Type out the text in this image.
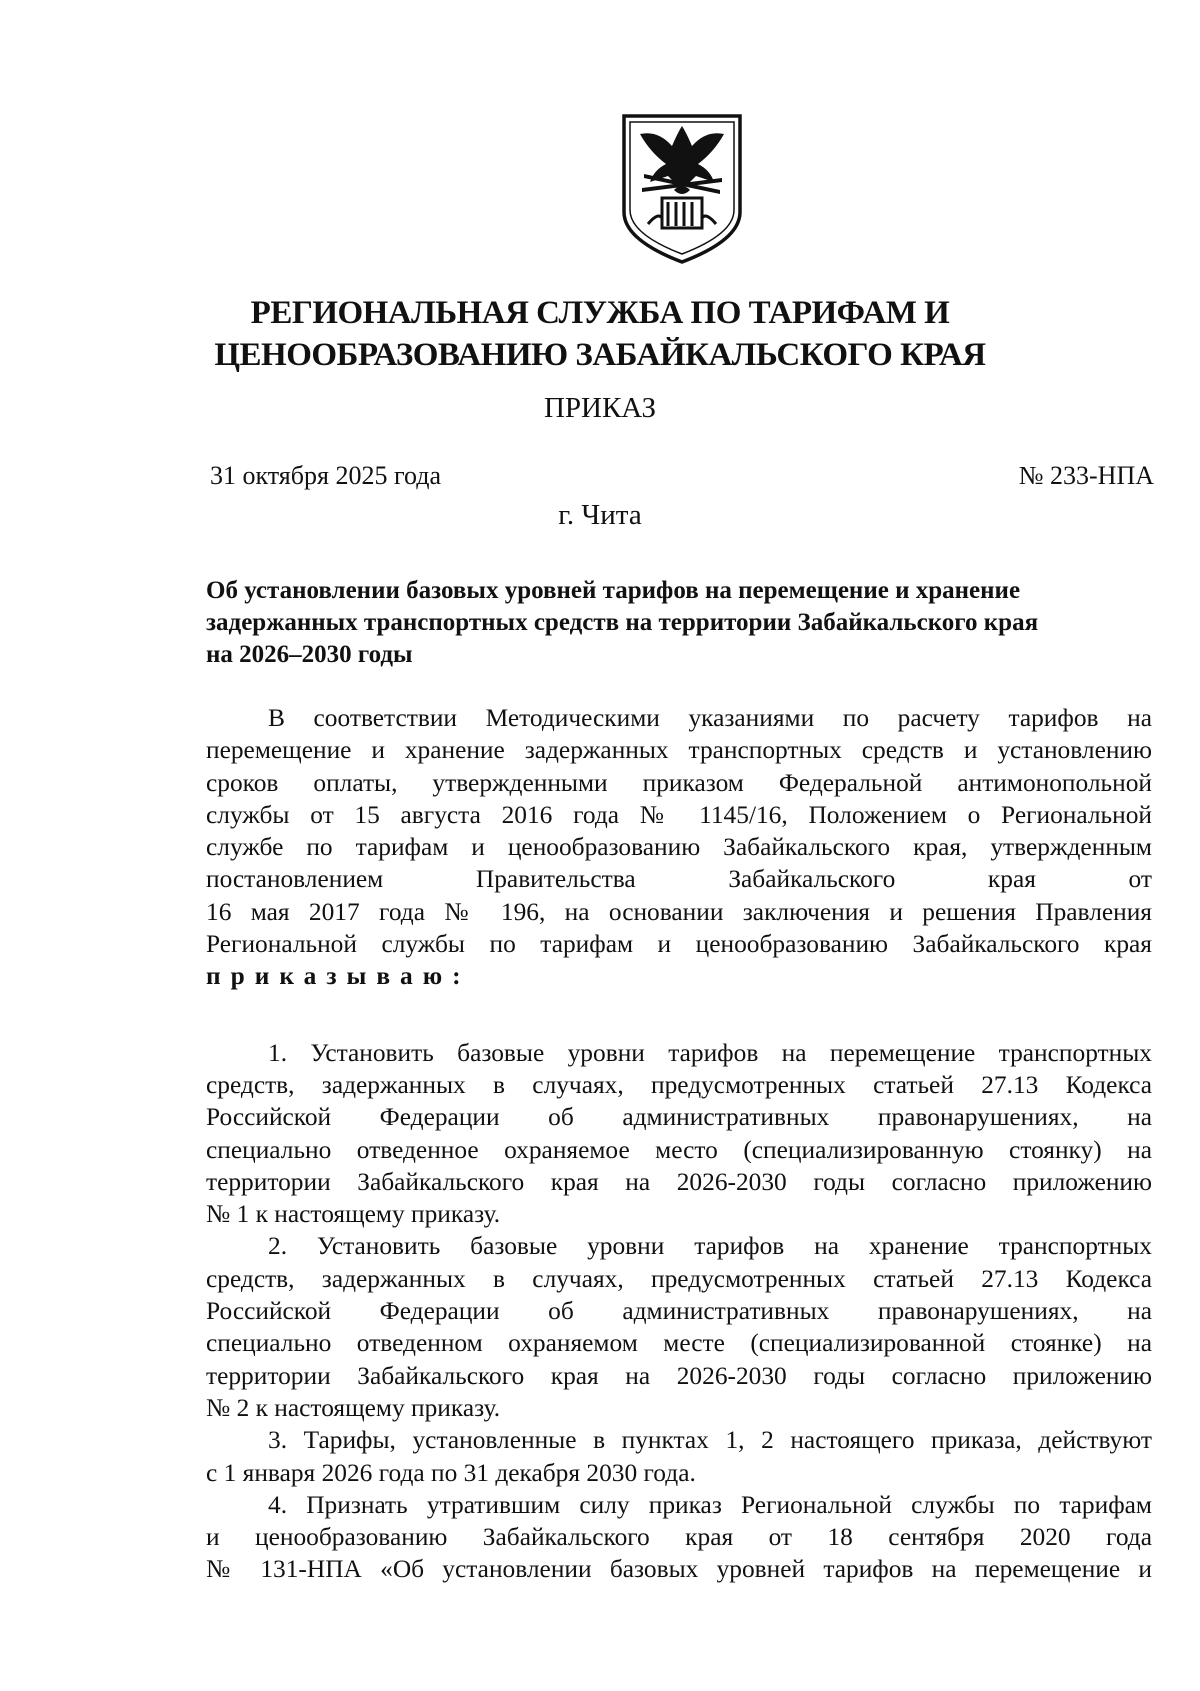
РЕГИОНАЛЬНАЯ СЛУЖБА ПО ТАРИФАМ И
ЦЕНООБРАЗОВАНИЮ ЗАБАЙКАЛЬСКОГО КРАЯ
ПРИКАЗ
31 октября 2025 года	№ 233-НПА
г. Чита
Об установлении базовых уровней тарифов на перемещение и хранение
задержанных транспортных средств на территории Забайкальского края
на 2026–2030 годы
В соответствии Методическими указаниями по расчету тарифов на
перемещение и хранение задержанных транспортных средств и установлению
сроков оплаты, утвержденными приказом Федеральной антимонопольной
службы от 15 августа 2016 года № 1145/16, Положением о Региональной
службе по тарифам и ценообразованию Забайкальского края, утвержденным
постановлением Правительства Забайкальского края от
16 мая 2017 года № 196, на основании заключения и решения Правления
Региональной службы по тарифам и ценообразованию Забайкальского края
приказываю:
1. Установить базовые уровни тарифов на перемещение транспортных
средств, задержанных в случаях, предусмотренных статьей 27.13 Кодекса
Российской Федерации об административных правонарушениях, на
специально отведенное охраняемое место (специализированную стоянку) на
территории Забайкальского края на 2026-2030 годы согласно приложению
№ 1 к настоящему приказу.
2. Установить базовые уровни тарифов на хранение транспортных
средств, задержанных в случаях, предусмотренных статьей 27.13 Кодекса
Российской Федерации об административных правонарушениях, на
специально отведенном охраняемом месте (специализированной стоянке) на
территории Забайкальского края на 2026-2030 годы согласно приложению
№ 2 к настоящему приказу.
3. Тарифы, установленные в пунктах 1, 2 настоящего приказа, действуют
с 1 января 2026 года по 31 декабря 2030 года.
4. Признать утратившим силу приказ Региональной службы по тарифам
и ценообразованию Забайкальского края от 18 сентября 2020 года
№ 131-НПА «Об установлении базовых уровней тарифов на перемещение и
